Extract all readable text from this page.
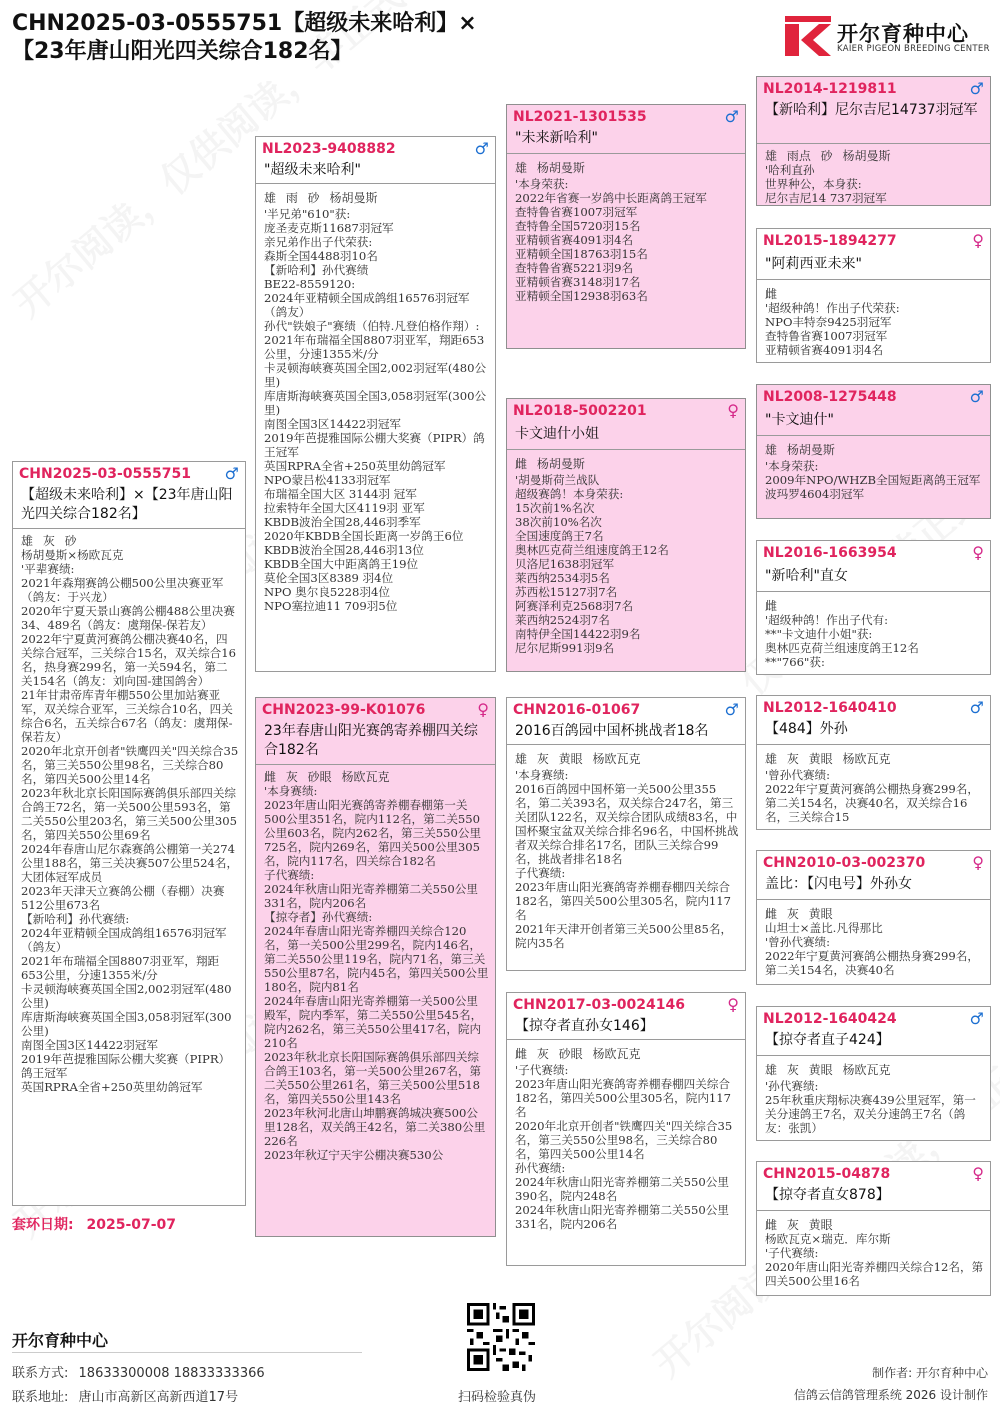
CHN2025-03-0555751【超级未来哈利】×【23年唐山阳光四关综合182名】
开尔育种中心
KAIER PIGEON BREEDING CENTER
CHN2025-03-0555751 ♂
【超级未来哈利】×【23年唐山阳光四关综合182名】
雄 灰 砂
杨胡曼斯×杨欧瓦克
'平辈赛绩:
2021年森翔赛鸽公棚500公里决赛亚军（鸽友：于兴龙）
2020年宁夏天景山赛鸽公棚488公里决赛34、489名（鸽友：虞翔保-保若友）
2022年宁夏黄河赛鸽公棚决赛40名，四关综合冠军，三关综合15名，双关综合16名，热身赛299名，第一关594名，第二关154名（鸽友：刘向国-建国鸽舍）
21年甘肃帝库青年棚550公里加站赛亚军，双关综合亚军，三关综合10名，四关综合6名，五关综合67名（鸽友：虞翔保-保若友）
2020年北京开创者"铁鹰四关"四关综合35名，第三关550公里98名，三关综合80名，第四关500公里14名
2023年秋北京长阳国际赛鸽俱乐部四关综合鸽王72名，第一关500公里593名，第二关550公里203名，第三关500公里305名，第四关550公里69名
2024年春唐山尼尔森赛鸽公棚第一关274公里188名，第三关决赛507公里524名，大团体冠军成员
2023年天津天立赛鸽公棚（春棚）决赛512公里673名
【新哈利】孙代赛绩:
2024年亚精顿全国成鸽组16576羽冠军（鸽友）
2021年布瑞福全国8807羽亚军，翔距653公里，分速1355米/分
卡灵顿海峡赛英国全国2,002羽冠军(480公里)
库唐斯海峡赛英国全国3,058羽冠军(300公里)
南图全国3区14422羽冠军
2019年芭提雅国际公棚大奖赛（PIPR）鸽王冠军
英国RPRA全省+250英里幼鸽冠军
NL2023-9408882	♂
"超级未来哈利"
雄 雨 砂 杨胡曼斯
'半兄弟"610"获:
庞圣麦克斯11687羽冠军
亲兄弟作出子代荣获:
森斯全国4488羽10名
【新哈利】孙代赛绩
BE22-8559120:
2024年亚精顿全国成鸽组16576羽冠军（鸽友）
孙代"铁娘子"赛绩（伯特.凡登伯格作翔）:
2021年布瑞福全国8807羽亚军，翔距653公里，分速1355米/分
卡灵顿海峡赛英国全国2,002羽冠军(480公里)
库唐斯海峡赛英国全国3,058羽冠军(300公里)
南图全国3区14422羽冠军
2019年芭提雅国际公棚大奖赛（PIPR）鸽王冠军
英国RPRA全省+250英里幼鸽冠军
NPO蒙吕松4133羽冠军
布瑞福全国大区 3144羽 冠军
拉索特年全国大区4119羽 亚军
KBDB波治全国28,446羽季军
2020年KBDB全国长距离一岁鸽王6位
KBDB波治全国28,446羽13位
KBDB全国大中距离鸽王19位
莫伦全国3区8389 羽4位
NPO 奥尔良5228羽4位
NPO塞拉迪11 709羽5位
CHN2023-99-K01076	♀
23年春唐山阳光赛鸽寄养棚四关综合182名
雌 灰 砂眼 杨欧瓦克
'本身赛绩:
2023年唐山阳光赛鸽寄养棚春棚第一关500公里351名，院内112名，第二关550公里603名，院内262名，第三关550公里725名，院内269名，第四关500公里305名，院内117名，四关综合182名
子代赛绩:
2024年秋唐山阳光寄养棚第二关550公里331名，院内206名
【掠夺者】孙代赛绩:
2024年春唐山阳光寄养棚四关综合120名，第一关500公里299名，院内146名，第二关550公里119名，院内71名，第三关550公里87名，院内45名，第四关500公里180名，院内81名
2024年春唐山阳光寄养棚第一关500公里殿军，院内季军，第二关550公里545名，院内262名，第三关550公里417名，院内210名
2023年秋北京长阳国际赛鸽俱乐部四关综合鸽王103名，第一关500公里267名，第二关550公里261名，第三关500公里518名，第四关550公里143名
2023年秋河北唐山坤鹏赛鸽城决赛500公里128名，双关鸽王42名，第二关380公里226名
2023年秋辽宁天宇公棚决赛530公
NL2021-1301535	♂
"未来新哈利"
雄 杨胡曼斯
'本身荣获:
2022年省赛一岁鸽中长距离鸽王冠军
查特鲁省赛1007羽冠军
查特鲁全国5720羽15名
亚精顿省赛4091羽4名
亚精顿全国18763羽15名
查特鲁省赛5221羽9名
亚精顿省赛3148羽17名
亚精顿全国12938羽63名
NL2018-5002201	♀
卡文迪什小姐
雌 杨胡曼斯
'胡曼斯荷兰战队
超级赛鸽！本身荣获:
15次前1%名次
38次前10%名次
全国速度鸽王7名
奥林匹克荷兰组速度鸽王12名
贝洛尼1638羽冠军
莱西纳2534羽5名
苏西松15127羽7名
阿赛泽利克2568羽7名
莱西纳2524羽7名
南特伊全国14422羽9名
尼尔尼斯991羽9名
CHN2016-01067	♂
2016百鸽园中国杯挑战者18名
雄 灰 黄眼 杨欧瓦克
'本身赛绩:
2016百鸽园中国杯第一关500公里355名，第二关393名，双关综合247名，第三关团队122名，双关综合团队成绩83名，中国杯聚宝盆双关综合排名96名，中国杯挑战者双关综合排名17名，团队三关综合99名，挑战者排名18名
子代赛绩:
2023年唐山阳光赛鸽寄养棚春棚四关综合182名，第四关500公里305名，院内117名
2021年天津开创者第三关500公里85名，院内35名
CHN2017-03-0024146	♀
【掠夺者直孙女146】
雌 灰 砂眼 杨欧瓦克
'子代赛绩:
2023年唐山阳光赛鸽寄养棚春棚四关综合182名，第四关500公里305名，院内117名
2020年北京开创者"铁鹰四关"四关综合35名，第三关550公里98名，三关综合80名，第四关500公里14名
孙代赛绩:
2024年秋唐山阳光寄养棚第二关550公里390名，院内248名
2024年秋唐山阳光寄养棚第二关550公里331名，院内206名
NL2014-1219811	♂
【新哈利】尼尔吉尼14737羽冠军
雄 雨点 砂 杨胡曼斯
'哈利直孙
世界种公，本身获:
尼尔吉尼14 737羽冠军
NL2015-1894277	♀
"阿莉西亚未来"
雌
'超级种鸽！作出子代荣获:
NPO丰特奈9425羽冠军
查特鲁省赛1007羽冠军
亚精顿省赛4091羽4名
NL2008-1275448	♂
"卡文迪什"
雄 杨胡曼斯
'本身荣获:
2009年NPO/WHZB全国短距离鸽王冠军
波玛罗4604羽冠军
NL2016-1663954	♀
"新哈利"直女
雌
'超级种鸽！作出子代有:
**"卡文迪什小姐"获:
奥林匹克荷兰组速度鸽王12名
**"766"获:
NL2012-1640410	♂
【484】外孙
雄 灰 黄眼 杨欧瓦克
'曾孙代赛绩:
2022年宁夏黄河赛鸽公棚热身赛299名，第二关154名，决赛40名，双关综合16名，三关综合15
CHN2010-03-002370	♀
盖比：【闪电号】外孙女
雌 灰 黄眼
山坦士×盖比.凡得那比
'曾孙代赛绩:
2022年宁夏黄河赛鸽公棚热身赛299名，第二关154名，决赛40名
NL2012-1640424	♂
【掠夺者直子424】
雄 灰 黄眼 杨欧瓦克
'孙代赛绩:
25年秋重庆翔标决赛439公里冠军，第一关分速鸽王7名，双关分速鸽王7名（鸽友：张凯）
CHN2015-04878	♀
【掠夺者直女878】
雌 灰 黄眼
杨欧瓦克×瑞克．库尔斯
'子代赛绩:
2020年唐山阳光寄养棚四关综合12名，第四关500公里16名
套环日期: 2025-07-07
开尔育种中心
联系方式: 18633300008 18833333366
联系地址: 唐山市高新区高新西道17号	扫码检验真伪
制作者: 开尔育种中心
信鸽云信鸽管理系统 2026 设计制作
